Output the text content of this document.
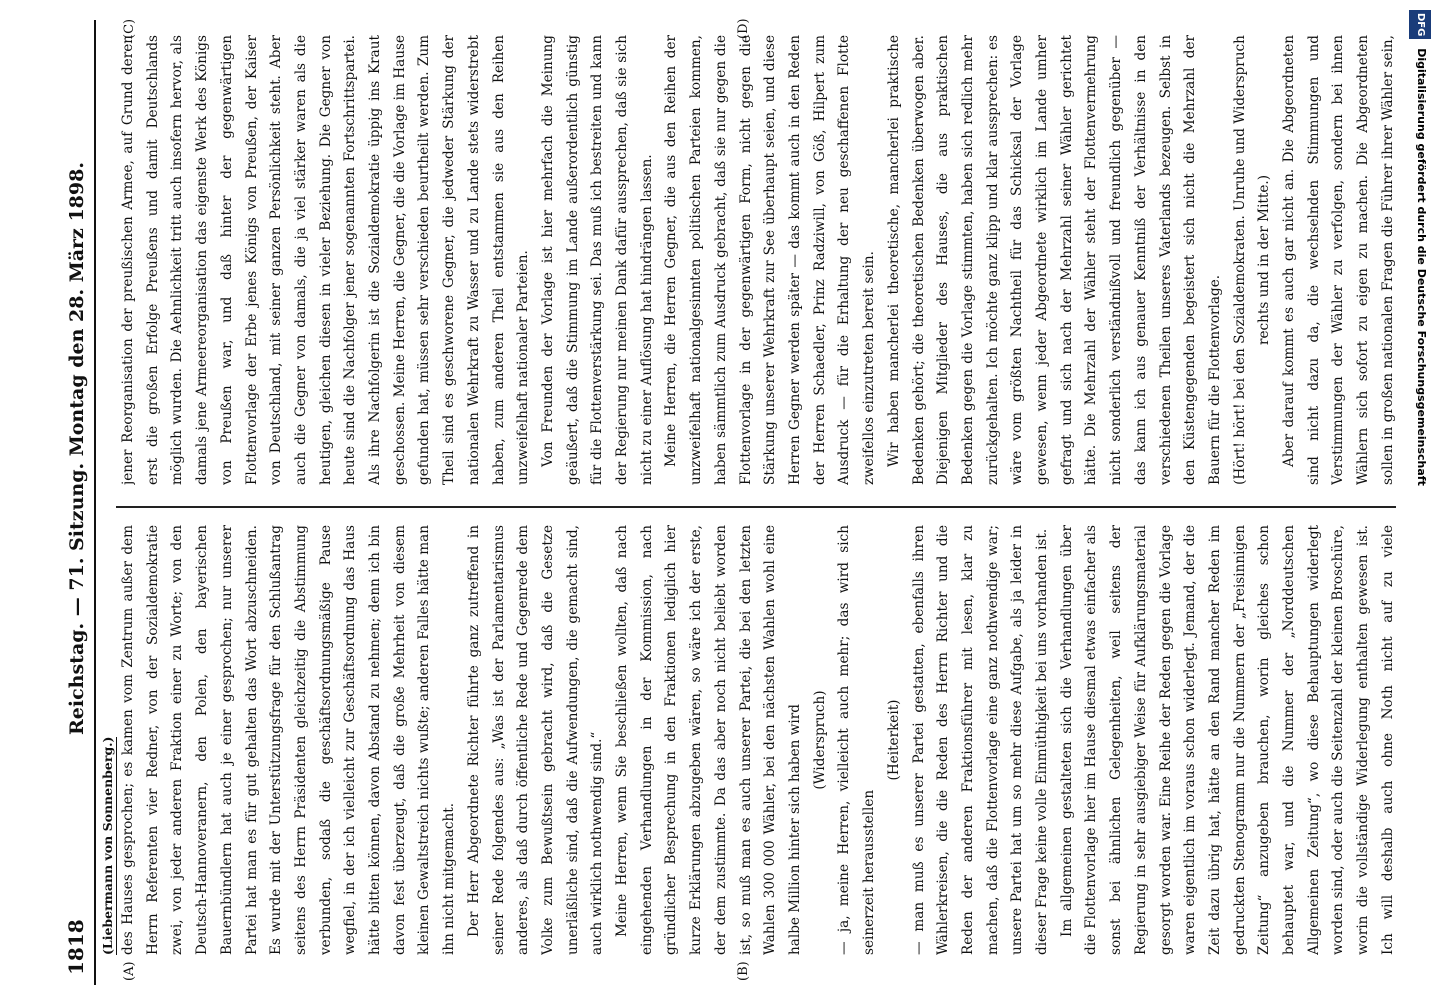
1818
Reichstag. — 71. Sitzung. Montag den 28. März 1898.
(Liebermann von Sonnenberg.)
(A)	(B)
(C)	(D)

des Hauses gesprochen; es kamen vom Zentrum außer dem Herrn Referenten vier Redner, von der Sozialdemokratie zwei, von jeder anderen Fraktion einer zu Worte; von den Deutsch-Hannoveranern, den Polen, den bayerischen Bauernbündlern hat auch je einer gesprochen; nur unserer Partei hat man es für gut gehalten das Wort abzuschneiden. Es wurde mit der Unterstützungsfrage für den Schlußantrag seitens des Herrn Präsidenten gleichzeitig die Abstimmung verbunden, sodaß die geschäftsordnungsmäßige Pause wegfiel, in der ich vielleicht zur Geschäftsordnung das Haus hätte bitten können, davon Abstand zu nehmen; denn ich bin davon fest überzeugt, daß die große Mehrheit von diesem kleinen Gewaltstreich nichts wußte; anderen Falles hätte man ihn nicht mitgemacht. Der Herr Abgeordnete Richter führte ganz zutreffend in seiner Rede folgendes aus: „Was ist der Parlamentarismus anderes, als daß durch öffentliche Rede und Gegenrede dem Volke zum Bewußtsein gebracht wird, daß die Gesetze unerläßliche sind, daß die Aufwendungen, die gemacht sind, auch wirklich nothwendig sind.“ Meine Herren, wenn Sie beschließen wollten, daß nach eingehenden Verhandlungen in der Kommission, nach gründlicher Besprechung in den Fraktionen lediglich hier kurze Erklärungen abzugeben wären, so wäre ich der erste, der dem zustimmte. Da das aber noch nicht beliebt worden ist, so muß man es auch unserer Partei, die bei den letzten Wahlen 300 000 Wähler, bei den nächsten Wahlen wohl eine halbe Million hinter sich haben wird (Widerspruch) — ja, meine Herren, vielleicht auch mehr; das wird sich seinerzeit herausstellen

(Heiterkeit) — man muß es unserer Partei gestatten, ebenfalls ihren Wählerkreisen, die die Reden des Herrn Richter und die Reden der anderen Fraktionsführer mit lesen, klar zu machen, daß die Flottenvorlage eine ganz nothwendige war; unsere Partei hat um so mehr diese Aufgabe, als ja leider in dieser Frage keine volle Einmüthigkeit bei uns vorhanden ist. Im allgemeinen gestalteten sich die Verhandlungen über die Flottenvorlage hier im Hause diesmal etwas einfacher als sonst bei ähnlichen Gelegenheiten, weil seitens der Regierung in sehr ausgiebiger Weise für Aufklärungsmaterial gesorgt worden war. Eine Reihe der Reden gegen die Vorlage waren eigentlich im voraus schon widerlegt. Jemand, der die Zeit dazu übrig hat, hätte an den Rand mancher Reden im gedruckten Stenogramm nur die Nummern der „Freisinnigen Zeitung“ anzugeben brauchen, worin gleiches schon behauptet war, und die Nummer der „Norddeutschen Allgemeinen Zeitung“, wo diese Behauptungen widerlegt worden sind, oder auch die Seitenzahl der kleinen Broschüre, worin die vollständige Widerlegung enthalten gewesen ist. Ich will deshalb auch ohne Noth nicht auf zu viele

jener Reorganisation der preußischen Armee, auf Grund deren erst die großen Erfolge Preußens und damit Deutschlands möglich wurden. Die Aehnlichkeit tritt auch insofern hervor, als damals jene Armeereorganisation das eigenste Werk des Königs von Preußen war, und daß hinter der gegenwärtigen Flottenvorlage der Erbe jenes Königs von Preußen, der Kaiser von Deutschland, mit seiner ganzen Persönlichkeit steht. Aber auch die Gegner von damals, die ja viel stärker waren als die heutigen, gleichen diesen in vieler Beziehung. Die Gegner von heute sind die Nachfolger jener sogenannten Fortschrittspartei. Als ihre Nachfolgerin ist die Sozialdemokratie üppig ins Kraut geschossen. Meine Herren, die Gegner, die die Vorlage im Hause gefunden hat, müssen sehr verschieden beurtheilt werden. Zum Theil sind es geschworene Gegner, die jedweder Stärkung der nationalen Wehrkraft zu Wasser und zu Lande stets widerstrebt haben, zum anderen Theil entstammen sie aus den Reihen unzweifelhaft nationaler Parteien. Von Freunden der Vorlage ist hier mehrfach die Meinung geäußert, daß die Stimmung im Lande außerordentlich günstig für die Flottenverstärkung sei. Das muß ich bestreiten und kann der Regierung nur meinen Dank dafür aussprechen, daß sie sich nicht zu einer Auflösung hat hindrängen lassen. Meine Herren, die Herren Gegner, die aus den Reihen der unzweifelhaft nationalgesinnten politischen Parteien kommen, haben sämmtlich zum Ausdruck gebracht, daß sie nur gegen die Flottenvorlage in der gegenwärtigen Form, nicht gegen die Stärkung unserer Wehrkraft zur See überhaupt seien, und diese Herren Gegner werden später — das kommt auch in den Reden der Herren Schaedler, Prinz Radziwill, von Göß, Hilpert zum Ausdruck — für die Erhaltung der neu geschaffenen Flotte zweifellos einzutreten bereit sein. Wir haben mancherlei theoretische, mancherlei praktische Bedenken gehört; die theoretischen Bedenken überwogen aber. Diejenigen Mitglieder des Hauses, die aus praktischen Bedenken gegen die Vorlage stimmten, haben sich redlich mehr zurückgehalten. Ich möchte ganz klipp und klar aussprechen: es wäre vom größten Nachtheil für das Schicksal der Vorlage gewesen, wenn jeder Abgeordnete wirklich im Lande umher gefragt und sich nach der Mehrzahl seiner Wähler gerichtet hätte. Die Mehrzahl der Wähler steht der Flottenvermehrung nicht sonderlich verständnißvoll und freundlich gegenüber — das kann ich aus genauer Kenntniß der Verhältnisse in den verschiedenen Theilen unseres Vaterlands bezeugen. Selbst in den Küstengegenden begeistert sich nicht die Mehrzahl der Bauern für die Flottenvorlage. (Hört! hört! bei den Sozialdemokraten. Unruhe und Widerspruch rechts und in der Mitte.)

Aber darauf kommt es auch gar nicht an. Die Abgeordneten sind nicht dazu da, die wechselnden Stimmungen und Verstimmungen der Wähler zu verfolgen, sondern bei ihnen Wählern sich sofort zu eigen zu machen. Die Abgeordneten sollen in großen nationalen Fragen die Führer ihrer Wähler sein,

DFG Digitalisierung gefördert durch die Deutsche Forschungsgemeinschaft
